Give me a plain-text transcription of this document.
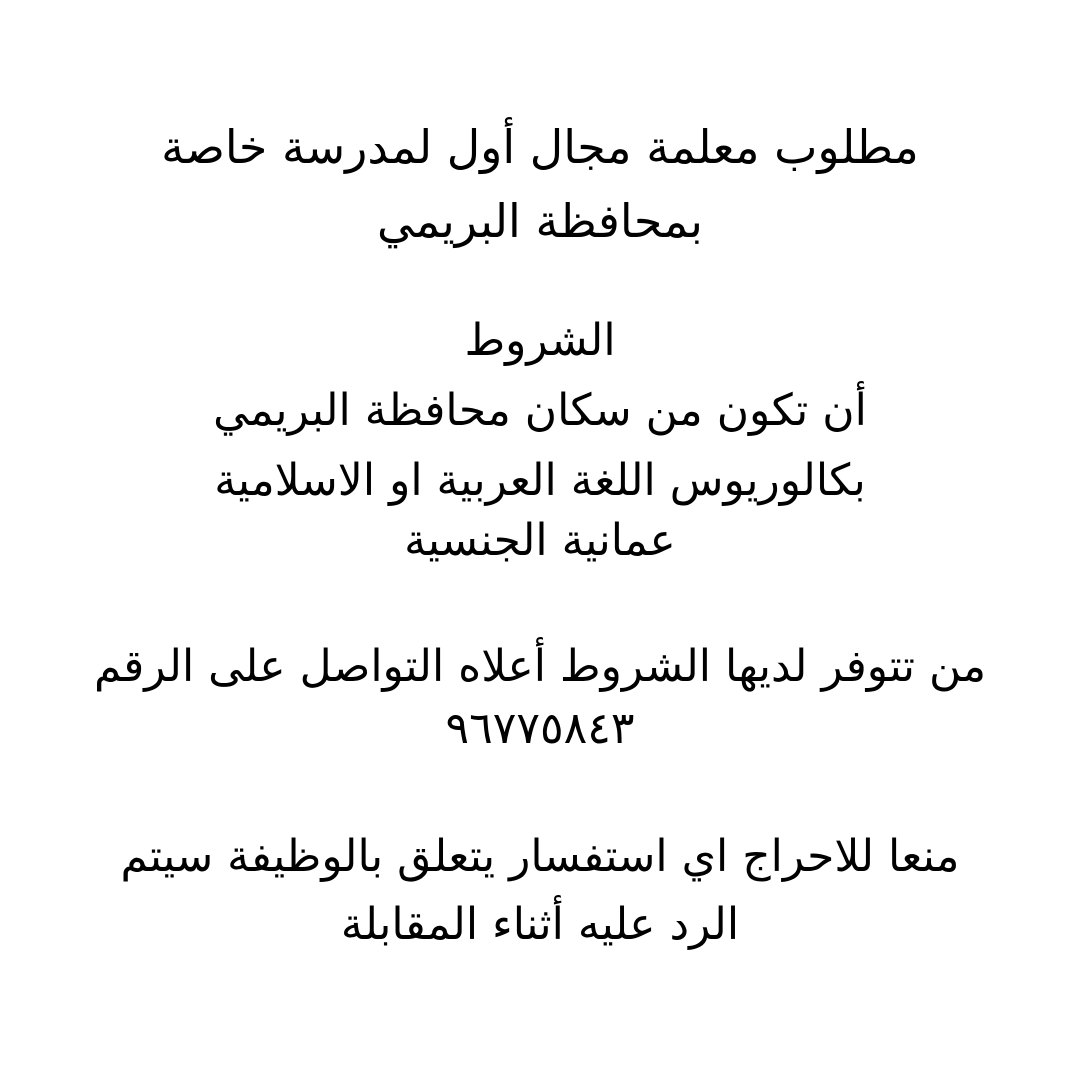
مطلوب معلمة مجال أول لمدرسة خاصة
بمحافظة البريمي
الشروط

أن تكون من سكان محافظة البريمي

بكالوريوس اللغة العربية او الاسلامية

عمانية الجنسية

من تتوفر لديها الشروط أعلاه التواصل على الرقم

٩٦٧٧٥٨٤٣

منعا للاحراج اي استفسار يتعلق بالوظيفة سيتم

الرد عليه أثناء المقابلة
